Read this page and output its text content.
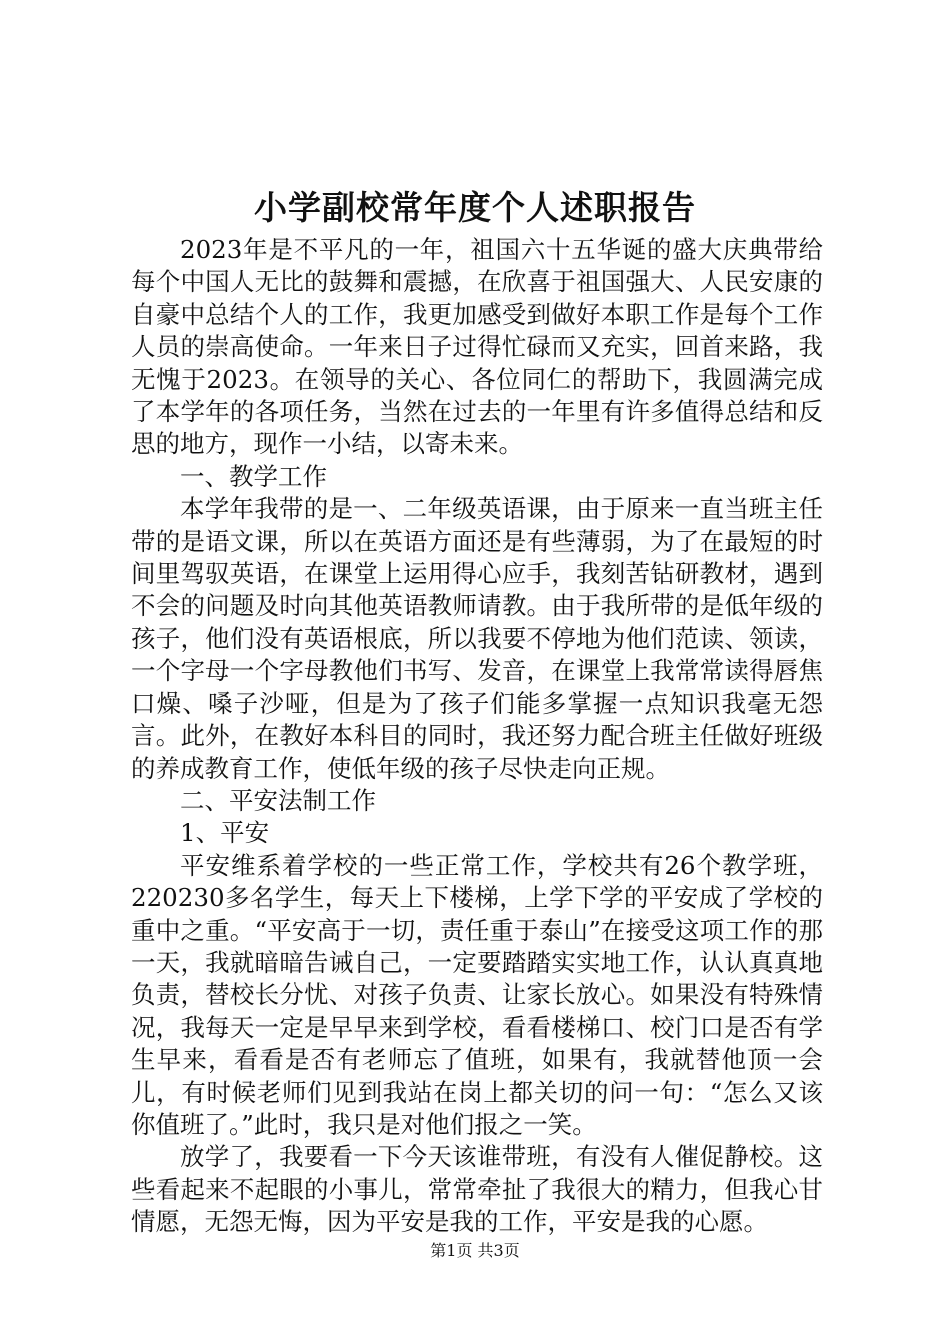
小学副校常年度个人述职报告

2023年是不平凡的一年，祖国六十五华诞的盛大庆典带给每个中国人无比的鼓舞和震撼，在欣喜于祖国强大、人民安康的自豪中总结个人的工作，我更加感受到做好本职工作是每个工作人员的崇高使命。一年来日子过得忙碌而又充实，回首来路，我无愧于2023。在领导的关心、各位同仁的帮助下，我圆满完成了本学年的各项任务，当然在过去的一年里有许多值得总结和反思的地方，现作一小结，以寄未来。

一、教学工作

本学年我带的是一、二年级英语课，由于原来一直当班主任带的是语文课，所以在英语方面还是有些薄弱，为了在最短的时间里驾驭英语，在课堂上运用得心应手，我刻苦钻研教材，遇到不会的问题及时向其他英语教师请教。由于我所带的是低年级的孩子，他们没有英语根底，所以我要不停地为他们范读、领读，一个字母一个字母教他们书写、发音，在课堂上我常常读得唇焦口燥、嗓子沙哑，但是为了孩子们能多掌握一点知识我毫无怨言。此外，在教好本科目的同时，我还努力配合班主任做好班级的养成教育工作，使低年级的孩子尽快走向正规。

二、平安法制工作

1、平安

平安维系着学校的一些正常工作，学校共有26个教学班，220230多名学生，每天上下楼梯，上学下学的平安成了学校的重中之重。“平安高于一切，责任重于泰山”在接受这项工作的那一天，我就暗暗告诫自己，一定要踏踏实实地工作，认认真真地负责，替校长分忧、对孩子负责、让家长放心。如果没有特殊情况，我每天一定是早早来到学校，看看楼梯口、校门口是否有学生早来，看看是否有老师忘了值班，如果有，我就替他顶一会儿，有时候老师们见到我站在岗上都关切的问一句：“怎么又该你值班了。”此时，我只是对他们报之一笑。

放学了，我要看一下今天该谁带班，有没有人催促静校。这些看起来不起眼的小事儿，常常牵扯了我很大的精力，但我心甘情愿，无怨无悔，因为平安是我的工作，平安是我的心愿。

第1页 共3页
